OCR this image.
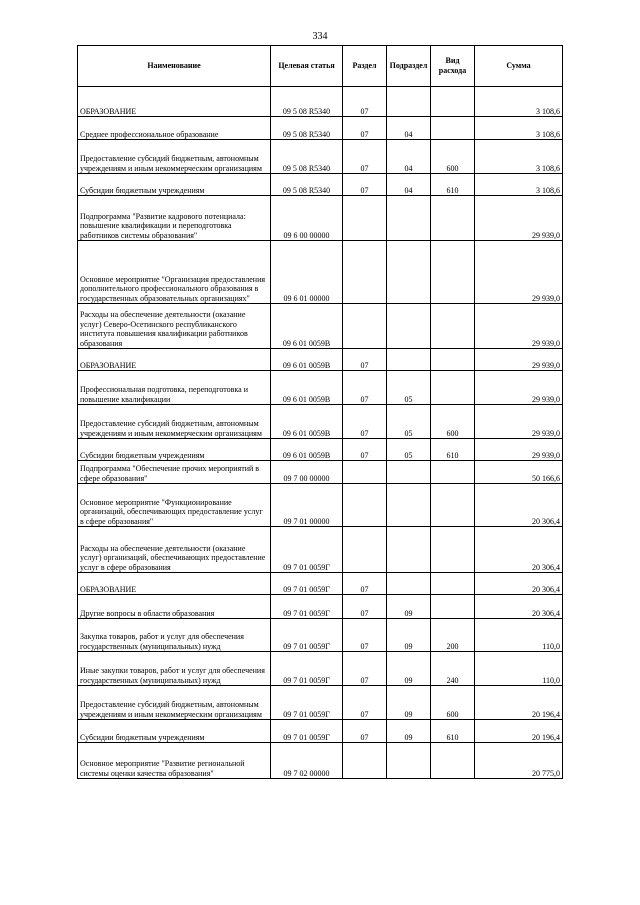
334
Наименование	Целевая статья	Раздел	Подраздел	Вид расхода	Сумма
ОБРАЗОВАНИЕ	09 5 08 R5340	07			3 108,6
Среднее профессиональное образование	09 5 08 R5340	07	04		3 108,6
Предоставление субсидий бюджетным, автономным учреждениям и иным некоммерческим организациям	09 5 08 R5340	07	04	600	3 108,6
Субсидии бюджетным учреждениям	09 5 08 R5340	07	04	610	3 108,6
Подпрограмма "Развитие кадрового потенциала: повышение квалификации и переподготовка работников системы образования"	09 6 00 00000				29 939,0
Основное мероприятие "Организация предоставления дополнительного профессионального образования в государственных образовательных организациях"	09 6 01 00000				29 939,0
Расходы на обеспечение деятельности (оказание услуг) Северо-Осетинского республиканского института повышения квалификации работников образования	09 6 01 0059В				29 939,0
ОБРАЗОВАНИЕ	09 6 01 0059В	07			29 939,0
Профессиональная подготовка, переподготовка и повышение квалификации	09 6 01 0059В	07	05		29 939,0
Предоставление субсидий бюджетным, автономным учреждениям и иным некоммерческим организациям	09 6 01 0059В	07	05	600	29 939,0
Субсидии бюджетным учреждениям	09 6 01 0059В	07	05	610	29 939,0
Подпрограмма "Обеспечение прочих мероприятий в сфере образования"	09 7 00 00000				50 166,6
Основное мероприятие "Функционирование организаций, обеспечивающих предоставление услуг в сфере образования"	09 7 01 00000				20 306,4
Расходы на обеспечение деятельности (оказание услуг) организаций, обеспечивающих предоставление услуг в сфере образования	09 7 01 0059Г				20 306,4
ОБРАЗОВАНИЕ	09 7 01 0059Г	07			20 306,4
Другие вопросы в области образования	09 7 01 0059Г	07	09		20 306,4
Закупка товаров, работ и услуг для обеспечения государственных (муниципальных) нужд	09 7 01 0059Г	07	09	200	110,0
Иные закупки товаров, работ и услуг для обеспечения государственных (муниципальных) нужд	09 7 01 0059Г	07	09	240	110,0
Предоставление субсидий бюджетным, автономным учреждениям и иным некоммерческим организациям	09 7 01 0059Г	07	09	600	20 196,4
Субсидии бюджетным учреждениям	09 7 01 0059Г	07	09	610	20 196,4
Основное мероприятие "Развитие региональной системы оценки качества образования"	09 7 02 00000				20 775,0
